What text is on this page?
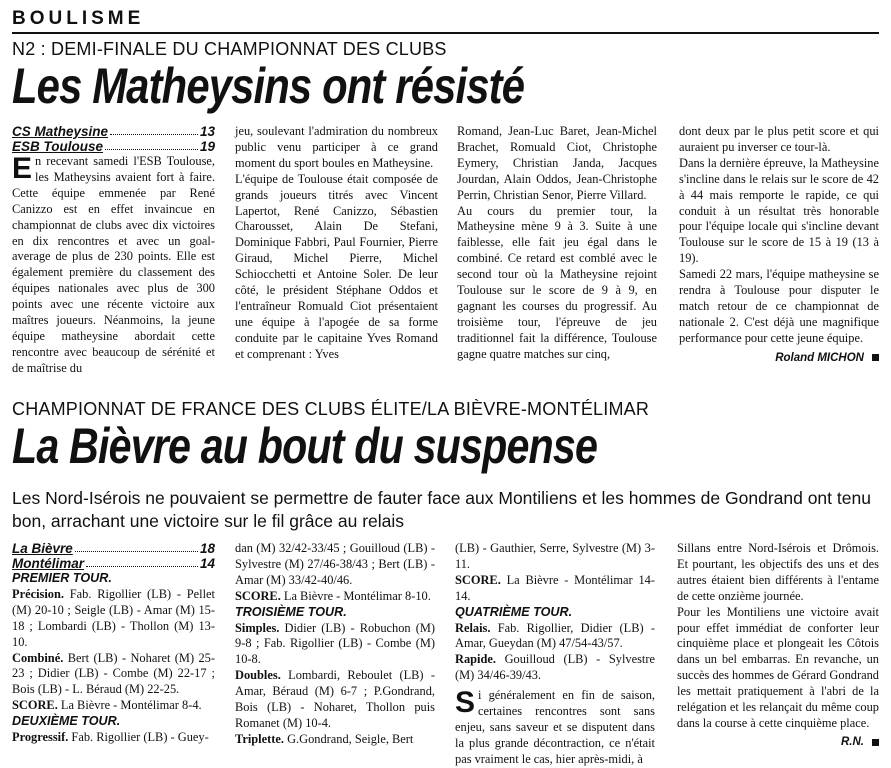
BOULISME
N2 : DEMI-FINALE DU CHAMPIONNAT DES CLUBS
Les Matheysins ont résisté
CS Matheysine	13
ESB Toulouse	19

En recevant samedi l'ESB Toulouse, les Matheysins avaient fort à faire. Cette équipe emmenée par René Canizzo est en effet invaincue en championnat de clubs avec dix victoires en dix rencontres et avec un goal-average de plus de 230 points. Elle est également première du classement des équipes nationales avec plus de 300 points avec une récente victoire aux maîtres joueurs. Néanmoins, la jeune équipe matheysine abordait cette rencontre avec beaucoup de sérénité et de maîtrise du

jeu, soulevant l'admiration du nombreux public venu participer à ce grand moment du sport boules en Matheysine.

L'équipe de Toulouse était composée de grands joueurs titrés avec Vincent Lapertot, René Canizzo, Sébastien Charousset, Alain De Stefani, Dominique Fabbri, Paul Fournier, Pierre Giraud, Michel Pierre, Michel Schiocchetti et Antoine Soler. De leur côté, le président Stéphane Oddos et l'entraîneur Romuald Ciot présentaient une équipe à l'apogée de sa forme conduite par le capitaine Yves Romand et comprenant : Yves

Romand, Jean-Luc Baret, Jean-Michel Brachet, Romuald Ciot, Christophe Eymery, Christian Janda, Jacques Jourdan, Alain Oddos, Jean-Christophe Perrin, Christian Senor, Pierre Villard.

Au cours du premier tour, la Matheysine mène 9 à 3. Suite à une faiblesse, elle fait jeu égal dans le combiné. Ce retard est comblé avec le second tour où la Matheysine rejoint Toulouse sur le score de 9 à 9, en gagnant les courses du progressif. Au troisième tour, l'épreuve de jeu traditionnel fait la différence, Toulouse gagne quatre matches sur cinq,

dont deux par le plus petit score et qui auraient pu inverser ce tour-là.

Dans la dernière épreuve, la Matheysine s'incline dans le relais sur le score de 42 à 44 mais remporte le rapide, ce qui conduit à un résultat très honorable pour l'équipe locale qui s'incline devant Toulouse sur le score de 15 à 19 (13 à 19).

Samedi 22 mars, l'équipe matheysine se rendra à Toulouse pour disputer le match retour de ce championnat de nationale 2. C'est déjà une magnifique performance pour cette jeune équipe.

Roland MICHON
CHAMPIONNAT DE FRANCE DES CLUBS ÉLITE/LA BIÈVRE-MONTÉLIMAR
La Bièvre au bout du suspense
Les Nord-Isérois ne pouvaient se permettre de fauter face aux Montiliens et les hommes de Gondrand ont tenu bon, arrachant une victoire sur le fil grâce au relais
La Bièvre	18
Montélimar	14
PREMIER TOUR.

Précision. Fab. Rigollier (LB) - Pellet (M) 20-10 ; Seigle (LB) - Amar (M) 15-18 ; Lombardi (LB) - Thollon (M) 13-10.

Combiné. Bert (LB) - Noharet (M) 25-23 ; Didier (LB) - Combe (M) 22-17 ; Bois (LB) - L. Béraud (M) 22-25.

SCORE. La Bièvre - Montélimar 8-4.

DEUXIÈME TOUR.

Progressif. Fab. Rigollier (LB) - Guey-

dan (M) 32/42-33/45 ; Gouilloud (LB) - Sylvestre (M) 27/46-38/43 ; Bert (LB) - Amar (M) 33/42-40/46.

SCORE. La Bièvre - Montélimar 8-10.

TROISIÈME TOUR.

Simples. Didier (LB) - Robuchon (M) 9-8 ; Fab. Rigollier (LB) - Combe (M) 10-8.

Doubles. Lombardi, Reboulet (LB) - Amar, Béraud (M) 6-7 ; P.Gondrand, Bois (LB) - Noharet, Thollon puis Romanet (M) 10-4.

Triplette. G.Gondrand, Seigle, Bert

(LB) - Gauthier, Serre, Sylvestre (M) 3-11.

SCORE. La Bièvre - Montélimar 14-14.

QUATRIÈME TOUR.

Relais. Fab. Rigollier, Didier (LB) - Amar, Gueydan (M) 47/54-43/57.

Rapide. Gouilloud (LB) - Sylvestre (M) 34/46-39/43.

Si généralement en fin de saison, certaines rencontres sont sans enjeu, sans saveur et se disputent dans la plus grande décontraction, ce n'était pas vraiment le cas, hier après-midi, à

Sillans entre Nord-Isérois et Drômois. Et pourtant, les objectifs des uns et des autres étaient bien différents à l'entame de cette onzième journée.

Pour les Montiliens une victoire avait pour effet immédiat de conforter leur cinquième place et plongeait les Côtois dans un bel embarras. En revanche, un succès des hommes de Gérard Gondrand les mettait pratiquement à l'abri de la relégation et les relançait du même coup dans la course à cette cinquième place.

R.N.
